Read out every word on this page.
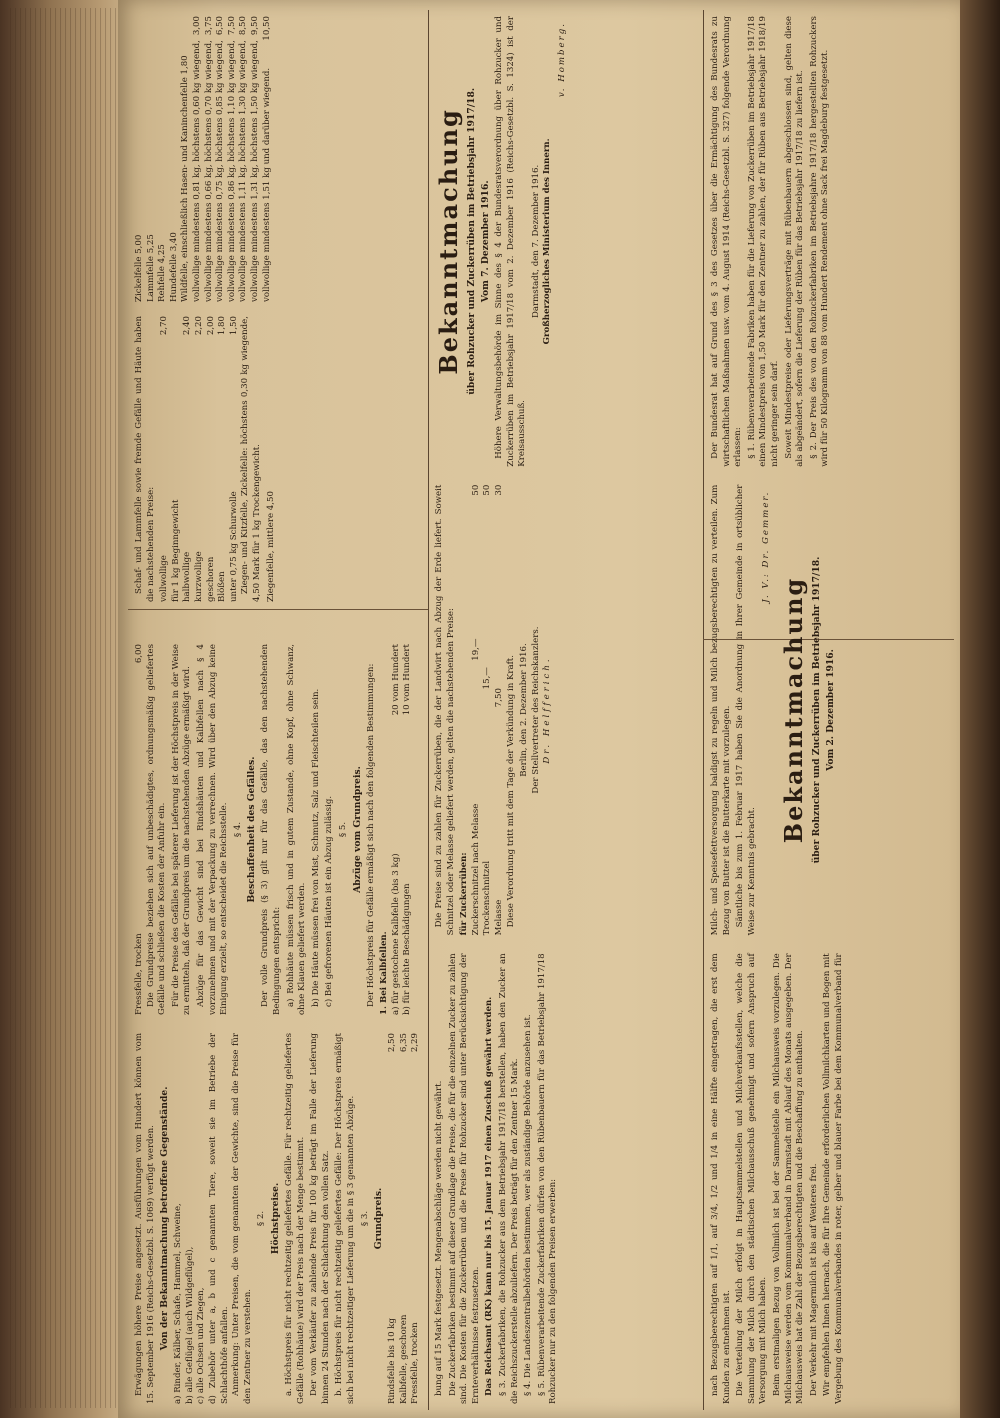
Erwägungen höhere Preise angesetzt. Ausführungen vom Hundert können vom 15. September 1916 (Reichs-Gesetzbl. S. 1069) verfügt werden. Von der Bekanntmachung betroffene Gegenstände. a) Rinder, Kälber, Schafe, Hammel, Schweine, b) alle Geflügel (auch Wildgeflügel), c) alle Ochsen und Ziegen, d) Zubehör unter a, b und c genannten Tiere, soweit sie im Betriebe der Schlachthöfe anfallen. Anmerkung: Unter Preisen, die vom genannten der Gewichte, sind die Preise für den Zentner zu verstehen.

§ 2. Höchstpreise. a. Höchstpreis für nicht rechtzeitig geliefertes Gefälle. Für rechtzeitig geliefertes Gefälle (Rohhäute) wird der Preis nach der Menge bestimmt. Der vom Verkäufer zu zahlende Preis für 100 kg beträgt im Falle der Lieferung binnen 24 Stunden nach der Schlachtung den vollen Satz. b. Höchstpreis für nicht rechtzeitig geliefertes Gefälle: Der Höchstpreis ermäßigt sich bei nicht rechtzeitiger Lieferung um die in § 3 genannten Abzüge. § 3. Grundpreis.
Rindsfelle bis 10 kg
2,50
Kalbfelle, geschoren
6,35
Fressfelle, trocken
2,29
Fressfelle, trocken
6,00 Die Grundpreise beziehen sich auf unbeschädigtes, ordnungsmäßig geliefertes Gefälle und schließen die Kosten der Anfuhr ein. Für die Preise des Gefälles bei späterer Lieferung ist der Höchstpreis in der Weise zu ermitteln, daß der Grundpreis um die nachstehenden Abzüge ermäßigt wird. Abzüge für das Gewicht sind bei Rindshäuten und Kalbfellen nach § 4 vorzunehmen und mit der Verpackung zu verrechnen. Wird über den Abzug keine Einigung erzielt, so entscheidet die Reichsstelle. § 4. Beschaffenheit des Gefälles. Der volle Grundpreis (§ 3) gilt nur für das Gefälle, das den nachstehenden Bedingungen entspricht: a) Rohhäute müssen frisch und in gutem Zustande, ohne Kopf, ohne Schwanz, ohne Klauen geliefert werden. b) Die Häute müssen frei von Mist, Schmutz, Salz und Fleischteilen sein. c) Bei gefrorenen Häuten ist ein Abzug zulässig. § 5. Abzüge vom Grundpreis. Der Höchstpreis für Gefälle ermäßigt sich nach den folgenden Bestimmungen: 1. Bei Kalbfellen. a) für gestochene Kalbfelle (bis 3 kg)
20 vom Hundert
b) für leichte Beschädigungen
10 vom Hundert

Schaf- und Lammfelle sowie fremde Gefälle und Häute haben die nachstehenden Preise: vollwollige
2,70
für 1 kg Beginngewicht halbwollige
2,40
kurzwollige
2,20
geschoren
2,00
Blößen
1,80
unter 0,75 kg Schurwolle
1,50 Ziegen- und Kitzfelle, Zickelfelle: höchstens 0,30 kg wiegende, 4,50 Mark für 1 kg Trockengewicht. Ziegenfelle, mittlere 4,50
Zickelfelle 5,00 Lammfelle 5,25 Rehfelle 4,25 Hundefelle 3,40 Wildfelle, einschließlich Hasen- und Kaninchenfelle 1,80 vollwollige mindestens 0,81 kg, höchstens 0,60 kg wiegend,
3,00
vollwollige mindestens 0,66 kg, höchstens 0,70 kg wiegend,
3,75
vollwollige mindestens 0,75 kg, höchstens 0,85 kg wiegend,
6,50
vollwollige mindestens 0,86 kg, höchstens 1,10 kg wiegend,
7,50
vollwollige mindestens 1,11 kg, höchstens 1,30 kg wiegend,
8,50
vollwollige mindestens 1,31 kg, höchstens 1,50 kg wiegend,
9,50
vollwollige mindestens 1,51 kg und darüber wiegend.
10,50

bung auf 15 Mark festgesetzt. Mengenabschläge werden nicht gewährt. Die Zuckerfabriken bestimmt auf dieser Grundlage die Preise, die für die einzelnen Zucker zu zahlen sind. Die Kosten für die Zuckerrüben und die Preise für Rohzucker sind unter Berücksichtigung der Ernteverhältnisse festzusetzen. Das Reichsamt (RK) kann nur bis 15. Januar 1917 einen Zuschuß gewährt werden. § 3. Zuckerfabriken, die Rohzucker aus dem Betriebsjahr 1917/18 herstellen, haben den Zucker an die Reichszuckerstelle abzuliefern. Der Preis beträgt für den Zentner 15 Mark. § 4. Die Landeszentralbehörden bestimmen, wer als zuständige Behörde anzusehen ist. § 5. Rübenverarbeitende Zuckerfabriken dürfen von den Rübenbauern für das Betriebsjahr 1917/18 Rohzucker nur zu den folgenden Preisen erwerben:

Die Preise sind zu zahlen für Zuckerrüben, die der Landwirt nach Abzug der Erde liefert. Soweit Schnitzel oder Melasse geliefert werden, gelten die nachstehenden Preise: für Zuckerrüben: Zuckerschnitzel nach Melasse
19,—
50
Trockenschnitzel
15,—
50
Melasse
7,50
30

Diese Verordnung tritt mit dem Tage der Verkündung in Kraft. Berlin, den 2. Dezember 1916. Der Stellvertreter des Reichskanzlers. Dr. Helfferich.
Bekanntmachung über Rohzucker und Zuckerrüben im Betriebsjahr 1917/18. Vom 7. Dezember 1916. Höhere Verwaltungsbehörde im Sinne des § 4 der Bundesratsverordnung über Rohzucker und Zuckerrüben im Betriebsjahr 1917/18 vom 2. Dezember 1916 (Reichs-Gesetzbl. S. 1324) ist der Kreisausschuß.

Darmstadt, den 7. Dezember 1916. Großherzogliches Ministerium des Innern.
v. Homberg.

nach Bezugsberechtigten auf 1/1, auf 3/4, 1/2 und 1/4 in eine Hälfte eingetragen, die erst dem Kunden zu entnehmen ist. Die Verteilung der Milch erfolgt in Hauptsammelstellen und Milchverkaufsstellen, welche die Sammlung der Milch durch den städtischen Milchausschuß genehmigt und sofern Anspruch auf Versorgung mit Milch haben. Beim erstmaligen Bezug von Vollmilch ist bei der Sammelstelle ein Milchausweis vorzulegen. Die Milchausweise werden vom Kommunalverband in Darmstadt mit Ablauf des Monats ausgegeben. Der Milchausweis hat die Zahl der Bezugsberechtigten und die Beschaffung zu enthalten. Der Verkehr mit Magermilch ist bis auf Weiteres frei. Wir empfehlen Ihnen hiernach, die für Ihre Gemeinde erforderlichen Vollmilchkarten und Bogen mit Vergebung des Kommunalverbandes in roter, gelber und blauer Farbe bei dem Kommunalverband für Milch- und Speisefettversorgung baldigst zu regeln und Milch bezugsberechtigten zu verteilen. Zum Bezug von Butter ist die Butterkarte mit vorzulegen. Sämtliche bis zum 1. Februar 1917 haben Sie die Anordnung in Ihrer Gemeinde in ortsüblicher Weise zur Kenntnis gebracht.

J. V.: Dr. Gemmer.
Bekanntmachung über Rohzucker und Zuckerrüben im Betriebsjahr 1917/18. Vom 2. Dezember 1916.

Der Bundesrat hat auf Grund des § 3 des Gesetzes über die Ermächtigung des Bundesrats zu wirtschaftlichen Maßnahmen usw. vom 4. August 1914 (Reichs-Gesetzbl. S. 327) folgende Verordnung erlassen: § 1. Rübenverarbeitende Fabriken haben für die Lieferung von Zuckerrüben im Betriebsjahr 1917/18 einen Mindestpreis von 1,50 Mark für den Zentner zu zahlen, der für Rüben aus Betriebsjahr 1918/19 nicht geringer sein darf. Soweit Mindestpreise oder Lieferungsverträge mit Rübenbauern abgeschlossen sind, gelten diese als abgeändert, sofern die Lieferung der Rüben für das Betriebsjahr 1917/18 zu liefern ist. § 2. Der Preis des von den Rohzuckerfabriken im Betriebsjahre 1917/18 hergestellten Rohzuckers wird für 50 Kilogramm von 88 vom Hundert Rendement ohne Sack frei Magdeburg festgesetzt.
